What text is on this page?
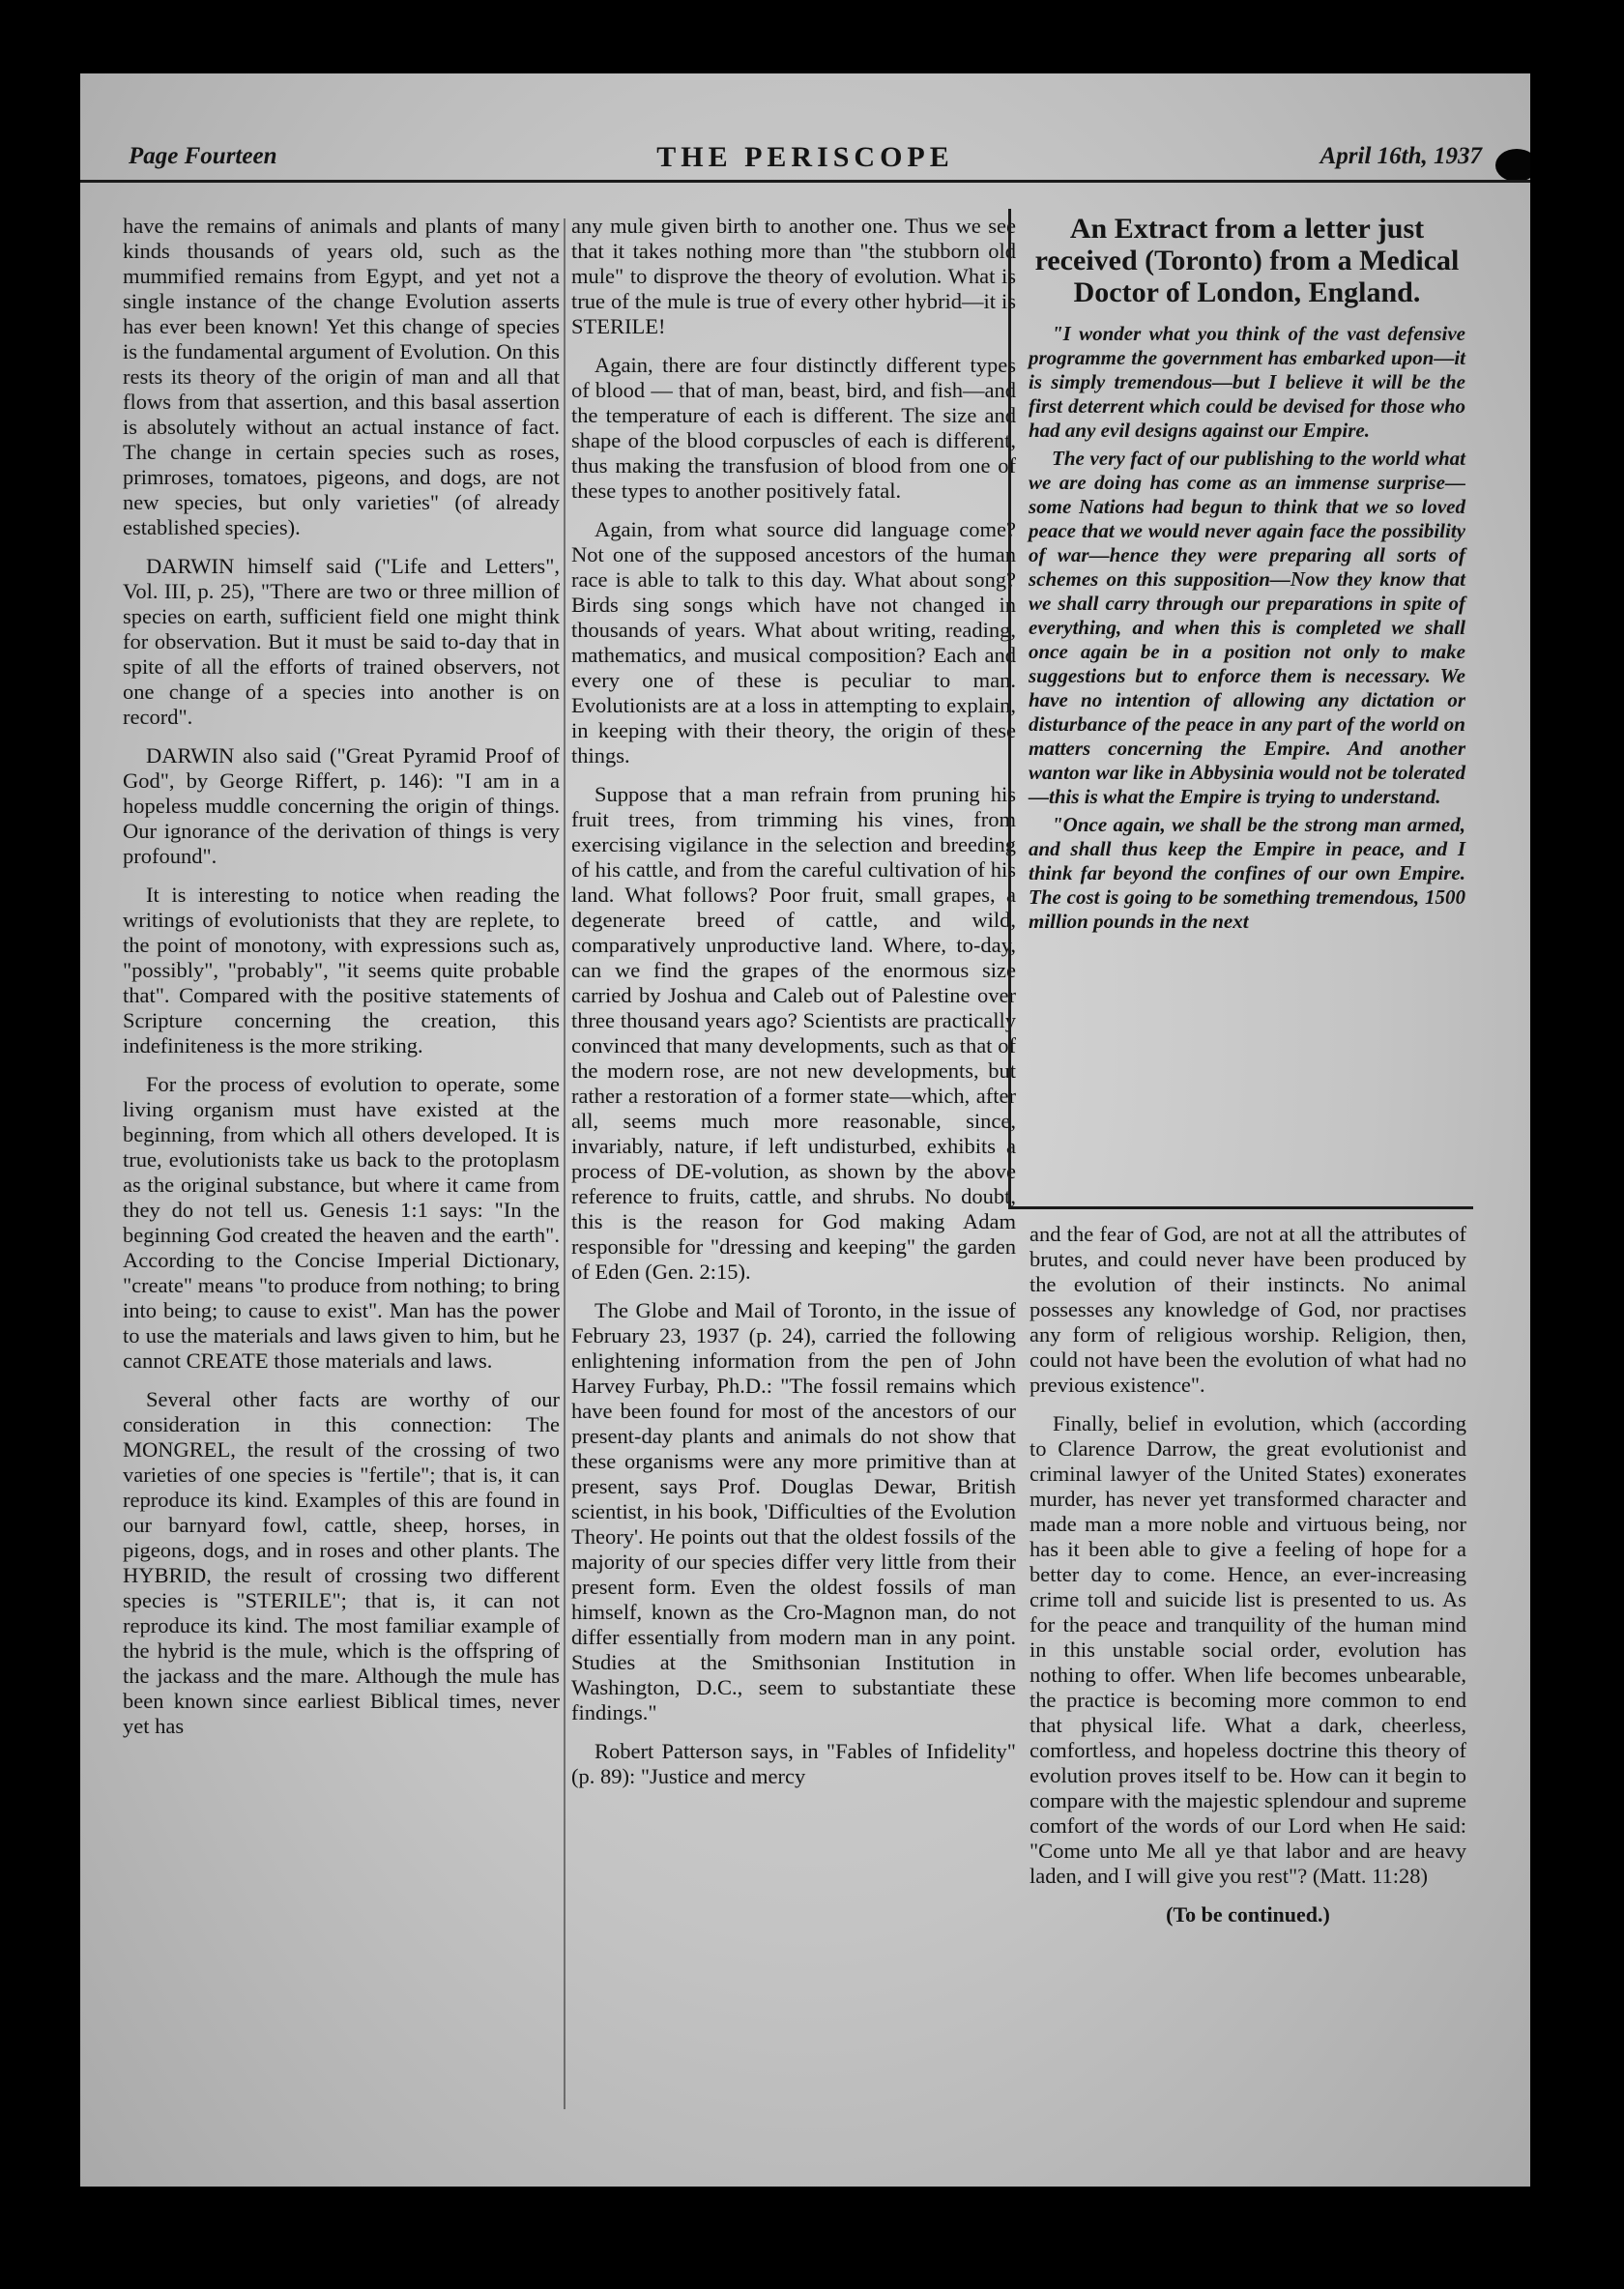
Page Fourteen	THE PERISCOPE	April 16th, 1937

have the remains of animals and plants of many kinds thousands of years old, such as the mummified remains from Egypt, and yet not a single instance of the change Evolution asserts has ever been known! Yet this change of species is the fundamental argument of Evolution. On this rests its theory of the origin of man and all that flows from that assertion, and this basal assertion is absolutely without an actual instance of fact. The change in certain species such as roses, primroses, tomatoes, pigeons, and dogs, are not new species, but only varieties" (of already established species).

DARWIN himself said ("Life and Letters", Vol. III, p. 25), "There are two or three million of species on earth, sufficient field one might think for observation. But it must be said to-day that in spite of all the efforts of trained observers, not one change of a species into another is on record".

DARWIN also said ("Great Pyramid Proof of God", by George Riffert, p. 146): "I am in a hopeless muddle concerning the origin of things. Our ignorance of the derivation of things is very profound".

It is interesting to notice when reading the writings of evolutionists that they are replete, to the point of monotony, with expressions such as, "possibly", "probably", "it seems quite probable that". Compared with the positive statements of Scripture concerning the creation, this indefiniteness is the more striking.

For the process of evolution to operate, some living organism must have existed at the beginning, from which all others developed. It is true, evolutionists take us back to the protoplasm as the original substance, but where it came from they do not tell us. Genesis 1:1 says: "In the beginning God created the heaven and the earth". According to the Concise Imperial Dictionary, "create" means "to produce from nothing; to bring into being; to cause to exist". Man has the power to use the materials and laws given to him, but he cannot CREATE those materials and laws.

Several other facts are worthy of our consideration in this connection: The MONGREL, the result of the crossing of two varieties of one species is "fertile"; that is, it can reproduce its kind. Examples of this are found in our barnyard fowl, cattle, sheep, horses, in pigeons, dogs, and in roses and other plants. The HYBRID, the result of crossing two different species is "STERILE"; that is, it can not reproduce its kind. The most familiar example of the hybrid is the mule, which is the offspring of the jackass and the mare. Although the mule has been known since earliest Biblical times, never yet has

any mule given birth to another one. Thus we see that it takes nothing more than "the stubborn old mule" to disprove the theory of evolution. What is true of the mule is true of every other hybrid—it is STERILE!

Again, there are four distinctly different types of blood — that of man, beast, bird, and fish—and the temperature of each is different. The size and shape of the blood corpuscles of each is different, thus making the transfusion of blood from one of these types to another positively fatal.

Again, from what source did language come? Not one of the supposed ancestors of the human race is able to talk to this day. What about song? Birds sing songs which have not changed in thousands of years. What about writing, reading, mathematics, and musical composition? Each and every one of these is peculiar to man. Evolutionists are at a loss in attempting to explain, in keeping with their theory, the origin of these things.

Suppose that a man refrain from pruning his fruit trees, from trimming his vines, from exercising vigilance in the selection and breeding of his cattle, and from the careful cultivation of his land. What follows? Poor fruit, small grapes, a degenerate breed of cattle, and wild, comparatively unproductive land. Where, to-day, can we find the grapes of the enormous size carried by Joshua and Caleb out of Palestine over three thousand years ago? Scientists are practically convinced that many developments, such as that of the modern rose, are not new developments, but rather a restoration of a former state—which, after all, seems much more reasonable, since, invariably, nature, if left undisturbed, exhibits a process of DE-volution, as shown by the above reference to fruits, cattle, and shrubs. No doubt, this is the reason for God making Adam responsible for "dressing and keeping" the garden of Eden (Gen. 2:15).

The Globe and Mail of Toronto, in the issue of February 23, 1937 (p. 24), carried the following enlightening information from the pen of John Harvey Furbay, Ph.D.: "The fossil remains which have been found for most of the ancestors of our present-day plants and animals do not show that these organisms were any more primitive than at present, says Prof. Douglas Dewar, British scientist, in his book, 'Difficulties of the Evolution Theory'. He points out that the oldest fossils of the majority of our species differ very little from their present form. Even the oldest fossils of man himself, known as the Cro-Magnon man, do not differ essentially from modern man in any point. Studies at the Smithsonian Institution in Washington, D.C., seem to substantiate these findings."

Robert Patterson says, in "Fables of Infidelity" (p. 89): "Justice and mercy

An Extract from a letter just received (Toronto) from a Medical Doctor of London, England.

"I wonder what you think of the vast defensive programme the government has embarked upon—it is simply tremendous—but I believe it will be the first deterrent which could be devised for those who had any evil designs against our Empire.

The very fact of our publishing to the world what we are doing has come as an immense surprise—some Nations had begun to think that we so loved peace that we would never again face the possibility of war—hence they were preparing all sorts of schemes on this supposition—Now they know that we shall carry through our preparations in spite of everything, and when this is completed we shall once again be in a position not only to make suggestions but to enforce them is necessary. We have no intention of allowing any dictation or disturbance of the peace in any part of the world on matters concerning the Empire. And another wanton war like in Abbysinia would not be tolerated—this is what the Empire is trying to understand.

"Once again, we shall be the strong man armed, and shall thus keep the Empire in peace, and I think far beyond the confines of our own Empire. The cost is going to be something tremendous, 1500 million pounds in the next

and the fear of God, are not at all the attributes of brutes, and could never have been produced by the evolution of their instincts. No animal possesses any knowledge of God, nor practises any form of religious worship. Religion, then, could not have been the evolution of what had no previous existence".

Finally, belief in evolution, which (according to Clarence Darrow, the great evolutionist and criminal lawyer of the United States) exonerates murder, has never yet transformed character and made man a more noble and virtuous being, nor has it been able to give a feeling of hope for a better day to come. Hence, an ever-increasing crime toll and suicide list is presented to us. As for the peace and tranquility of the human mind in this unstable social order, evolution has nothing to offer. When life becomes unbearable, the practice is becoming more common to end that physical life. What a dark, cheerless, comfortless, and hopeless doctrine this theory of evolution proves itself to be. How can it begin to compare with the majestic splendour and supreme comfort of the words of our Lord when He said: "Come unto Me all ye that labor and are heavy laden, and I will give you rest"? (Matt. 11:28)

(To be continued.)
